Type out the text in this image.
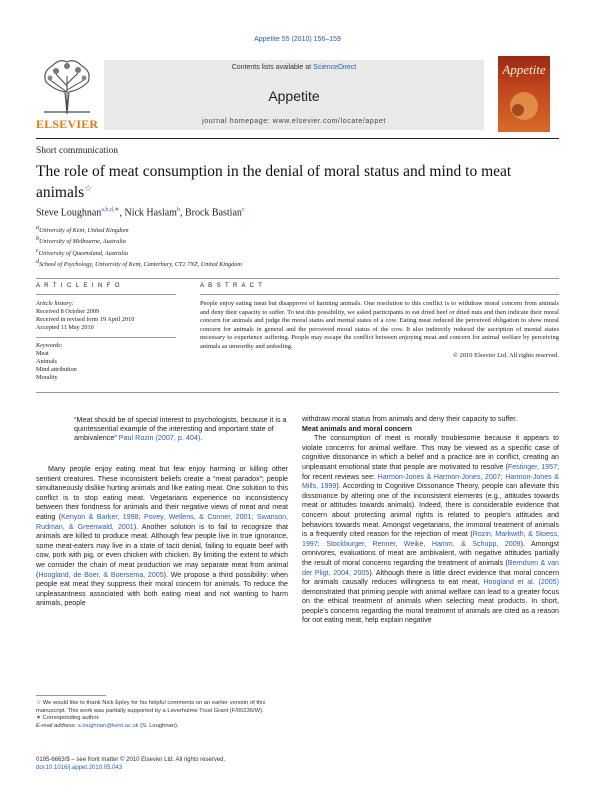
Appetite 55 (2010) 156–159
ELSEVIER
Contents lists available at ScienceDirect
Appetite
journal homepage: www.elsevier.com/locate/appet
Appetite
Short communication
The role of meat consumption in the denial of moral status and mind to meat animals☆
Steve Loughnan$^{a,b,d,∗}$, Nick Haslam$^b$, Brock Bastian$^c$
$^a$University of Kent, United Kingdom
$^b$University of Melbourne, Australia
$^c$University of Queensland, Australia
$^d$School of Psychology, University of Kent, Canterbury, CT2 7NZ, United Kingdom
A R T I C L E I N F O	A B S T R A C T
Article history:
Received 8 October 2009
Received in revised form 19 April 2010
Accepted 11 May 2010
Keywords:
Meat
Animals
Mind attribution
Morality
People enjoy eating meat but disapprove of harming animals. One resolution to this conflict is to withdraw moral concern from animals and deny their capacity to suffer. To test this possibility, we asked participants to eat dried beef or dried nuts and then indicate their moral concern for animals and judge the moral status and mental states of a cow. Eating meat reduced the perceived obligation to show moral concern for animals in general and the perceived moral status of the cow. It also indirectly reduced the ascription of mental states necessary to experience suffering. People may escape the conflict between enjoying meat and concern for animal welfare by perceiving animals as unworthy and unfeeling.
© 2010 Elsevier Ltd. All rights reserved.
“Meat should be of special interest to psychologists, because it is a quintessential example of the interesting and important state of ambivalence” Paul Rozin (2007, p. 404).

Many people enjoy eating meat but few enjoy harming or killing other sentient creatures. These inconsistent beliefs create a “meat paradox”; people simultaneously dislike hurting animals and like eating meat. One solution to this conflict is to stop eating meat. Vegetarians experience no inconsistency between their fondness for animals and their negative views of meat and meat eating (Kenyon & Barker, 1998; Povey, Wellens, & Conner, 2001; Swanson, Rudman, & Greenwald, 2001). Another solution is to fail to recognize that animals are killed to produce meat. Although few people live in true ignorance, some meat-eaters may live in a state of tacit denial, failing to equate beef with cow, pork with pig, or even chicken with chicken. By limiting the extent to which we consider the chain of meat production we may separate meat from animal (Hoogland, de Boer, & Boersema, 2005). We propose a third possibility: when people eat meat they suppress their moral concern for animals. To reduce the unpleasantness associated with both eating meat and not wanting to harm animals, people

☆ We would like to thank Nick Epley for his helpful comments on an earlier version of this manuscript. This work was partially supported by a Leverhulme Trust Grant (F/00236/W).
∗ Corresponding author.
E-mail address: s.loughnan@kent.ac.uk (S. Loughnan).
0195-6663/$ – see front matter © 2010 Elsevier Ltd. All rights reserved.
doi:10.1016/j.appet.2010.05.043

withdraw moral status from animals and deny their capacity to suffer.

Meat animals and moral concern

The consumption of meat is morally troublesome because it appears to violate concerns for animal welfare. This may be viewed as a specific case of cognitive dissonance in which a belief and a practice are in conflict, creating an unpleasant emotional state that people are motivated to resolve (Festinger, 1957; for recent reviews see: Harmon-Jones & Harmon-Jones, 2007; Harmon-Jones & Mills, 1999). According to Cognitive Dissonance Theory, people can alleviate this dissonance by altering one of the inconsistent elements (e.g., attitudes towards meat or attitudes towards animals). Indeed, there is considerable evidence that concern about protecting animal rights is related to people’s attitudes and behaviors towards meat. Amongst vegetarians, the immoral treatment of animals is a frequently cited reason for the rejection of meat (Rozin, Markwith, & Stoess, 1997; Stockburger, Renner, Weike, Hamm, & Schupp, 2009). Amongst omnivores, evaluations of meat are ambivalent, with negative attitudes partially the result of moral concerns regarding the treatment of animals (Berndsen & van der Pligt, 2004, 2005). Although there is little direct evidence that moral concern for animals causally reduces willingness to eat meat, Hoogland et al. (2005) demonstrated that priming people with animal welfare can lead to a greater focus on the ethical treatment of animals when selecting meat products. In short, people’s concerns regarding the moral treatment of animals are cited as a reason for not eating meat, help explain negative
